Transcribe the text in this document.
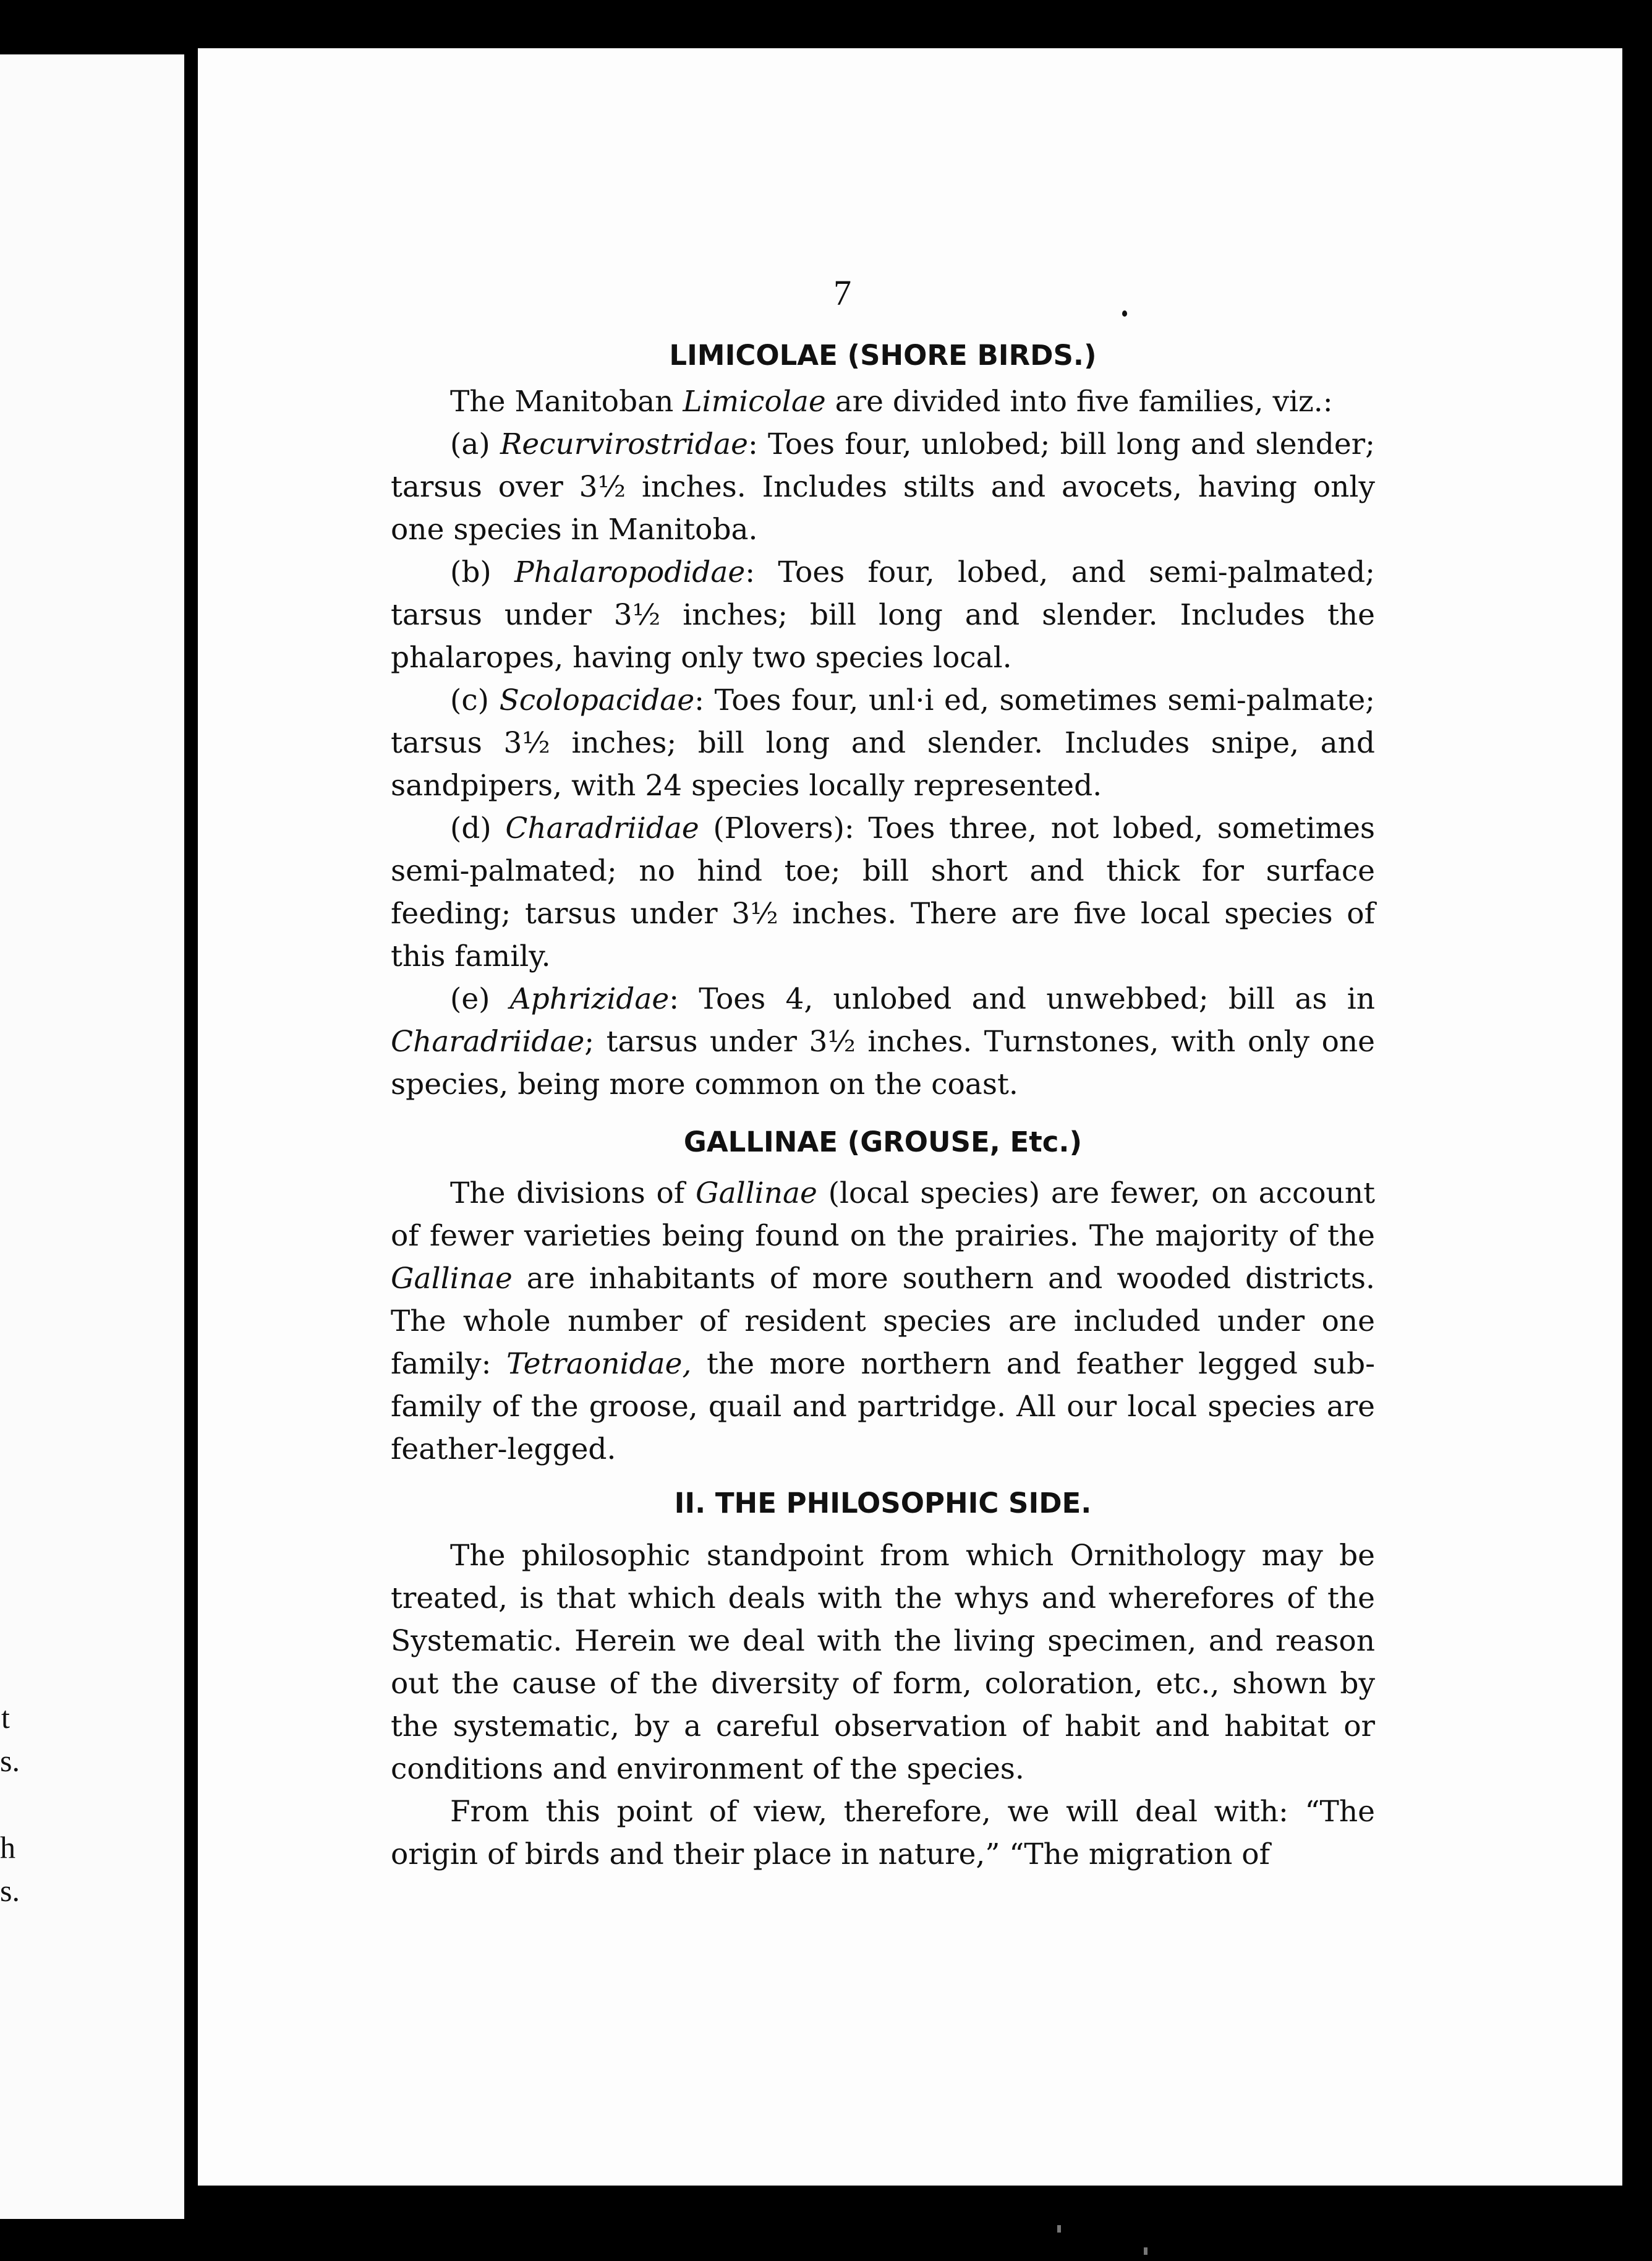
t
s.
h
s.
7
LIMICOLAE (SHORE BIRDS.)

The Manitoban Limicolae are divided into five families, viz.:

(a) Recurvirostridae: Toes four, unlobed; bill long and slender; tarsus over 3½ inches. Includes stilts and avocets, having only one species in Manitoba.

(b) Phalaropodidae: Toes four, lobed, and semi-palmated; tarsus under 3½ inches; bill long and slender. Includes the phalaropes, having only two species local.

(c) Scolopacidae: Toes four, unl·i ed, sometimes semi-palmate; tarsus 3½ inches; bill long and slender. Includes snipe, and sandpipers, with 24 species locally represented.

(d) Charadriidae (Plovers): Toes three, not lobed, sometimes semi-palmated; no hind toe; bill short and thick for surface feeding; tarsus under 3½ inches. There are five local species of this family.

(e) Aphrizidae: Toes 4, unlobed and unwebbed; bill as in Charadriidae; tarsus under 3½ inches. Turnstones, with only one species, being more common on the coast.

GALLINAE (GROUSE, Etc.)

The divisions of Gallinae (local species) are fewer, on account of fewer varieties being found on the prairies. The majority of the Gallinae are inhabitants of more southern and wooded districts. The whole number of resident species are included under one family: Tetraonidae, the more northern and feather legged sub-family of the groose, quail and partridge. All our local species are feather-legged.

II. THE PHILOSOPHIC SIDE.

The philosophic standpoint from which Ornithology may be treated, is that which deals with the whys and wherefores of the Systematic. Herein we deal with the living specimen, and reason out the cause of the diversity of form, coloration, etc., shown by the systematic, by a careful observation of habit and habitat or conditions and environment of the species.

From this point of view, therefore, we will deal with: “The origin of birds and their place in nature,” “The migration of
